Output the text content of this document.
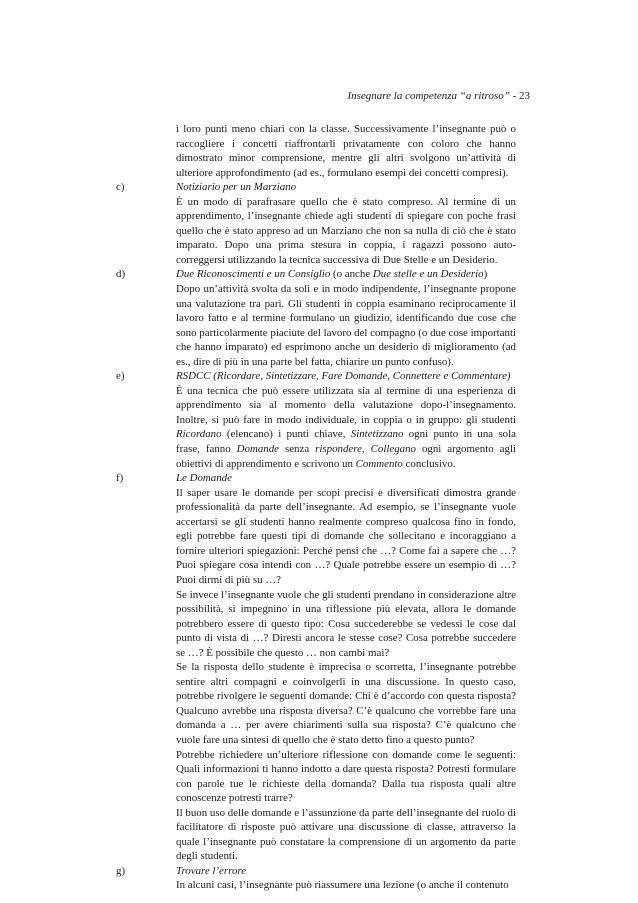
Insegnare la competenza “a ritroso” - 23

i loro punti meno chiari con la classe. Successivamente l’insegnante può o raccogliere i concetti riaffrontarli privatamente con coloro che hanno dimostrato minor comprensione, mentre gli altri svolgono un’attività di ulteriore approfondimento (ad es., formulano esempi dei concetti compresi).

c)	Notiziario per un Marziano

È un modo di parafrasare quello che è stato compreso. Al termine di un apprendimento, l’insegnante chiede agli studenti di spiegare con poche frasi quello che è stato appreso ad un Marziano che non sa nulla di ciò che è stato imparato. Dopo una prima stesura in coppia, i ragazzi possono auto-correggersi utilizzando la tecnica successiva di Due Stelle e un Desiderio.

d)	Due Riconoscimenti e un Consiglio (o anche Due stelle e un Desiderio)

Dopo un’attività svolta da soli e in modo indipendente, l’insegnante propone una valutazione tra pari. Gli studenti in coppia esaminano reciprocamente il lavoro fatto e al termine formulano un giudizio, identificando due cose che sono particolarmente piaciute del lavoro del compagno (o due cose importanti che hanno imparato) ed esprimono anche un desiderio di miglioramento (ad es., dire di più in una parte bel fatta, chiarire un punto confuso).

e)	RSDCC (Ricordare, Sintetizzare, Fare Domande, Connettere e Commentare)

È una tecnica che può essere utilizzata sia al termine di una esperienza di apprendimento sia al momento della valutazione dopo-l’insegnamento. Inoltre, si può fare in modo individuale, in coppia o in gruppo: gli studenti Ricordano (elencano) i punti chiave, Sintetizzano ogni punto in una sola frase, fanno Domande senza rispondere, Collegano ogni argomento agli obiettivi di apprendimento e scrivono un Commento conclusivo.

f)	Le Domande

Il saper usare le domande per scopi precisi e diversificati dimostra grande professionalità da parte dell’insegnante. Ad esempio, se l’insegnante vuole accertarsi se gli studenti hanno realmente compreso qualcosa fino in fondo, egli potrebbe fare questi tipi di domande che sollecitano e incoraggiano a fornire ulteriori spiegazioni: Perché pensi che …? Come fai a sapere che …? Puoi spiegare cosa intendi con …? Quale potrebbe essere un esempio di …? Puoi dirmi di più su …?

Se invece l’insegnante vuole che gli studenti prendano in considerazione altre possibilità, si impegnino in una riflessione più elevata, allora le domande potrebbero essere di questo tipo: Cosa succederebbe se vedessi le cose dal punto di vista di …? Diresti ancora le stesse cose? Cosa potrebbe succedere se …? È possibile che questo … non cambi mai?

Se la risposta dello studente è imprecisa o scorretta, l’insegnante potrebbe sentire altri compagni e coinvolgerli in una discussione. In questo caso, potrebbe rivolgere le seguenti domande: Chi è d’accordo con questa risposta? Qualcuno avrebbe una risposta diversa? C’è qualcuno che vorrebbe fare una domanda a … per avere chiarimenti sulla sua risposta? C’è qualcuno che vuole fare una sintesi di quello che è stato detto fino a questo punto?

Potrebbe richiedere un’ulteriore riflessione con domande come le seguenti: Quali informazioni ti hanno indotto a dare questa risposta? Potresti formulare con parole tue le richieste della domanda? Dalla tua risposta quali altre conoscenze potresti trarre?

Il buon uso delle domande e l’assunzione da parte dell’insegnante del ruolo di facilitatore di risposte può attivare una discussione di classe, attraverso la quale l’insegnante può constatare la comprensione di un argomento da parte degli studenti.

g)	Trovare l’errore

In alcuni casi, l’insegnante può riassumere una lezione (o anche il contenuto
